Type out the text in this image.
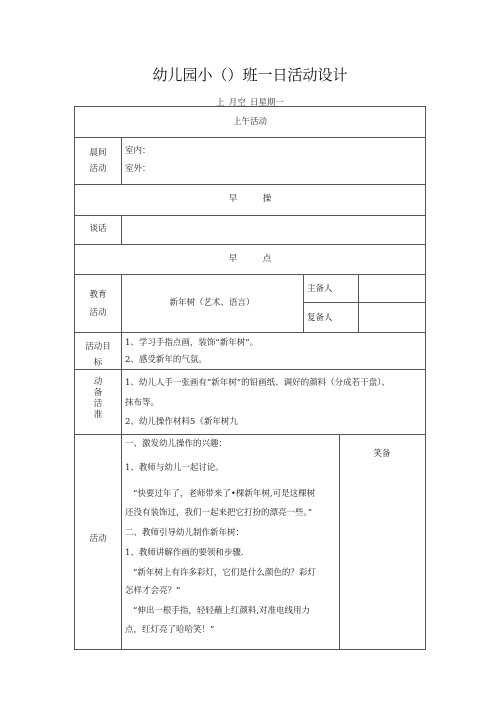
幼儿园小（）班一日活动设计
上_月空_日星期一
上午活动
晨间
活动
室内：
室外：
早　　　操
谈话
早　　　点
教育
活动
新年树（艺术、语言）
主备人
复备人
活动目
标
1、学习手指点画，装饰“新年树”。
2、感受新年的气氛。
动
备
活
准
1、幼儿人手一张画有“新年树”的铅画纸、调好的颜料（分成若干盘）、
抹布等。
2、幼儿操作材料5《新年树九
活动
笑备
一、激发幼儿操作的兴趣：
1、教师与幼儿一起讨论。
“快要过年了，老师带来了•棵新年树,可是这棵树
还没有装饰过，我们一起来把它打扮的漂亮一些。”
二、教师引导幼儿制作新年树：
1、教师讲解作画的要领和步骤.
“新年树上有许多彩灯，它们是什么颜色的？彩灯
怎样才会亮？”
“伸出一根手指，轻轻蘸上红颜料,对准电线用力
点，红灯亮了哈哈笑！”
